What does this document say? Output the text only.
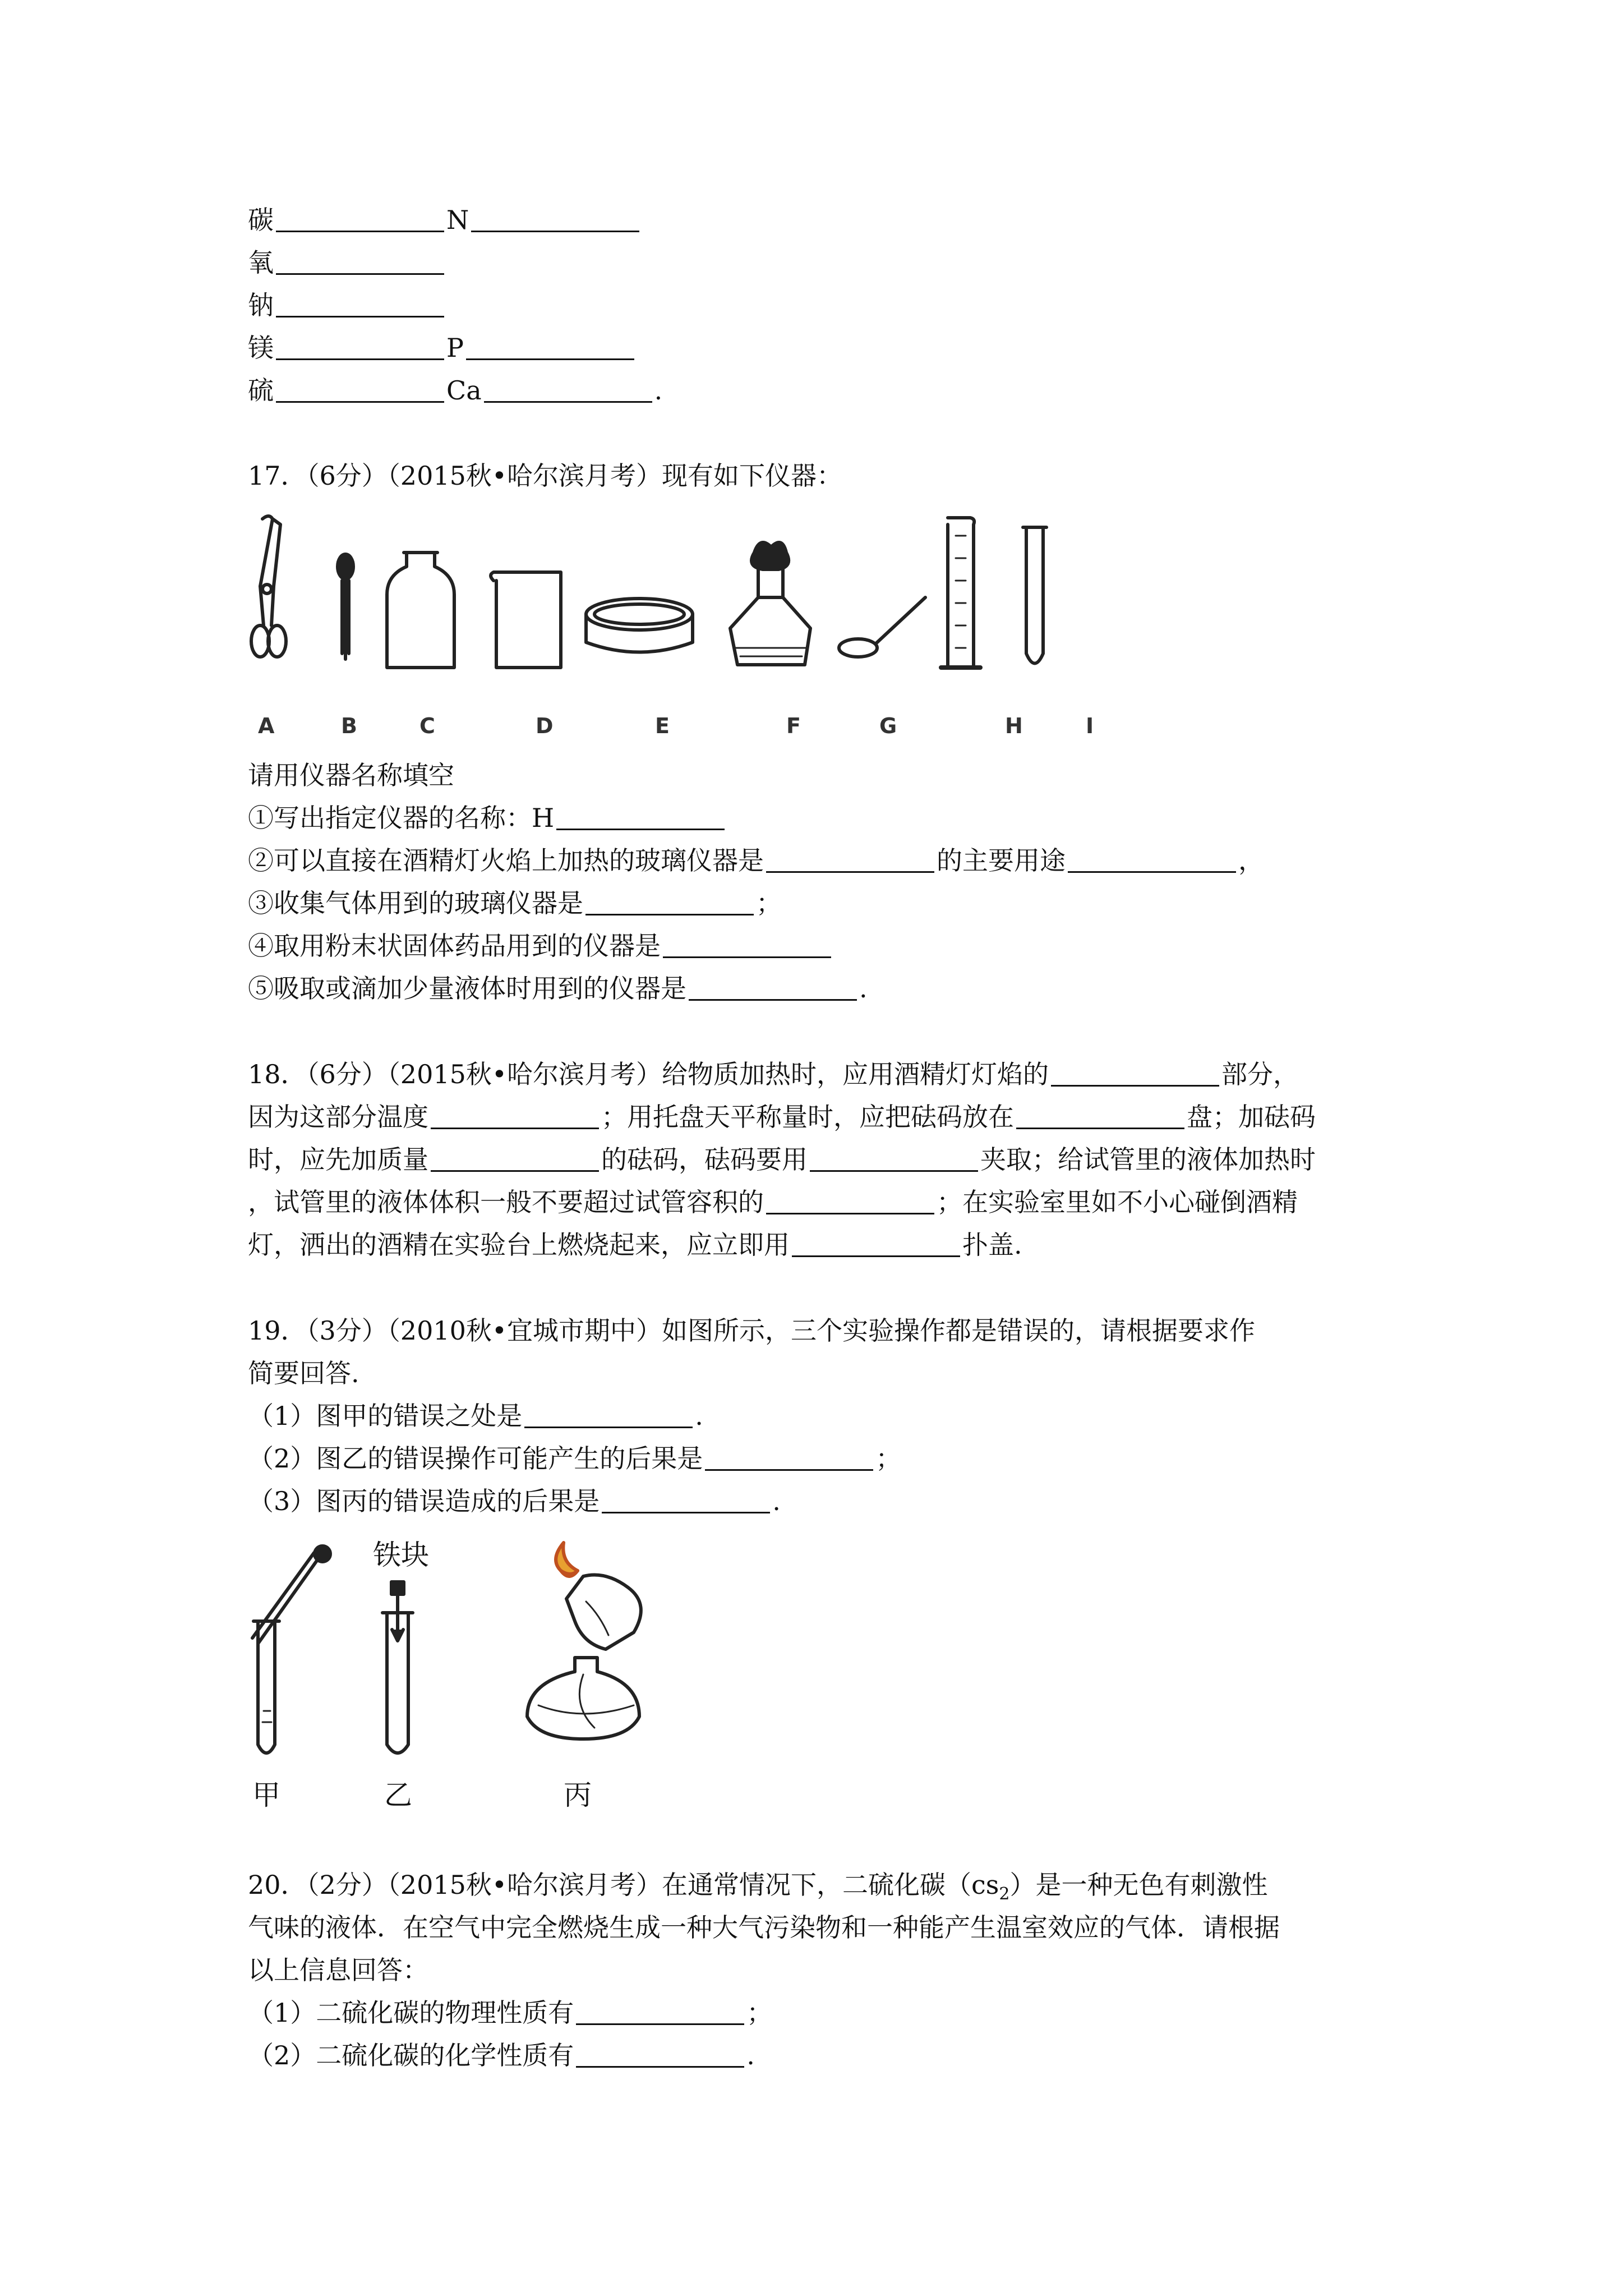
碳	N
氧
钠
镁	P
硫	Ca	.
17．（6分）（2015秋•哈尔滨月考）现有如下仪器：
A	B	C	D	E	F	G	H	I
请用仪器名称填空
①写出指定仪器的名称：H
②可以直接在酒精灯火焰上加热的玻璃仪器是	的主要用途	，
③收集气体用到的玻璃仪器是	；
④取用粉末状固体药品用到的仪器是
⑤吸取或滴加少量液体时用到的仪器是	.
18．（6分）（2015秋•哈尔滨月考）给物质加热时，应用酒精灯灯焰的	部分，
因为这部分温度	；用托盘天平称量时，应把砝码放在	盘；加砝码
时，应先加质量	的砝码，砝码要用	夹取；给试管里的液体加热时
，试管里的液体体积一般不要超过试管容积的	；在实验室里如不小心碰倒酒精
灯，洒出的酒精在实验台上燃烧起来，应立即用	扑盖.
19．（3分）（2010秋•宜城市期中）如图所示，三个实验操作都是错误的，请根据要求作
简要回答.
（1）图甲的错误之处是	.
（2）图乙的错误操作可能产生的后果是	；
（3）图丙的错误造成的后果是	.
铁块
甲	乙	丙
20．（2分）（2015秋•哈尔滨月考）在通常情况下，二硫化碳$(cs_2)$是一种无色有刺激性
气味的液体．在空气中完全燃烧生成一种大气污染物和一种能产生温室效应的气体．请根据
以上信息回答：
（1）二硫化碳的物理性质有	；
（2）二硫化碳的化学性质有	.
